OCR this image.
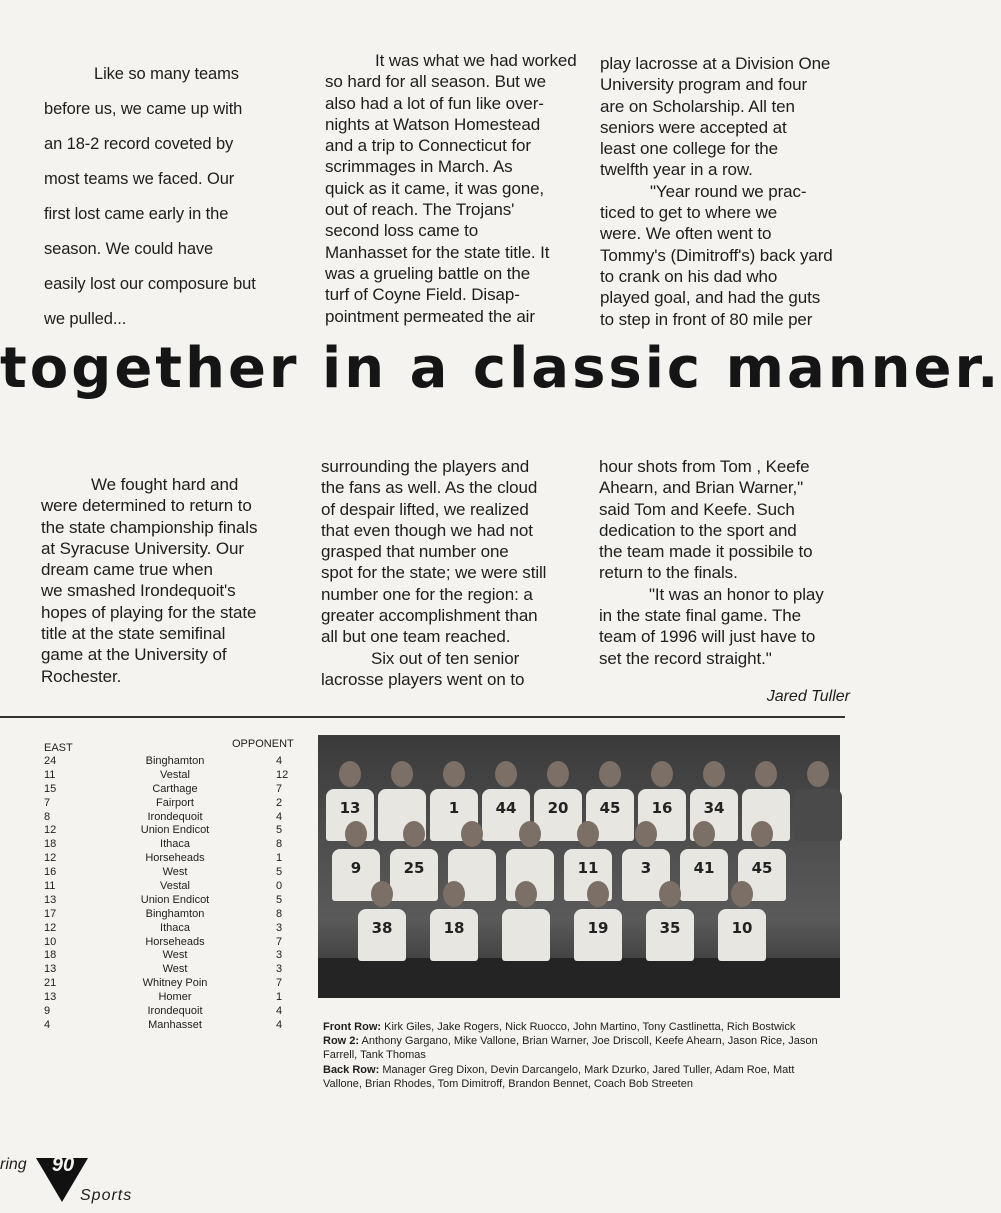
Like so many teams

before us, we came up with

an 18-2 record coveted by

most teams we faced. Our

first lost came early in the

season. We could have

easily lost our composure but

we pulled...

It was what we had worked

so hard for all season. But we

also had a lot of fun like over-

nights at Watson Homestead

and a trip to Connecticut for

scrimmages in March. As

quick as it came, it was gone,

out of reach. The Trojans'

second loss came to

Manhasset for the state title. It

was a grueling battle on the

turf of Coyne Field. Disap-

pointment permeated the air

play lacrosse at a Division One

University program and four

are on Scholarship. All ten

seniors were accepted at

least one college for the

twelfth year in a row.

"Year round we prac-

ticed to get to where we

were. We often went to

Tommy's (Dimitroff's) back yard

to crank on his dad who

played goal, and had the guts

to step in front of 80 mile per

together in a classic manner.

We fought hard and

were determined to return to

the state championship finals

at Syracuse University. Our

dream came true when

we smashed Irondequoit's

hopes of playing for the state

title at the state semifinal

game at the University of

Rochester.

surrounding the players and

the fans as well. As the cloud

of despair lifted, we realized

that even though we had not

grasped that number one

spot for the state; we were still

number one for the region: a

greater accomplishment than

all but one team reached.

Six out of ten senior

lacrosse players went on to

hour shots from Tom , Keefe

Ahearn, and Brian Warner,"

said Tom and Keefe. Such

dedication to the sport and

the team made it possibile to

return to the finals.

"It was an honor to play

in the state final game. The

team of 1996 will just have to

set the record straight."

Jared Tuller
EAST	OPPONENT
24	Binghamton	4
11	Vestal	12
15	Carthage	7
7	Fairport	2
8	Irondequoit	4
12	Union Endicot	5
18	Ithaca	8
12	Horseheads	1
16	West	5
11	Vestal	0
13	Union Endicot	5
17	Binghamton	8
12	Ithaca	3
10	Horseheads	7
18	West	3
13	West	3
21	Whitney Poin	7
13	Homer	1
9	Irondequoit	4
4	Manhasset	4
13	1	44	20	45	16	34
9	25	11	3	41	45
38	18	19	35	10

Front Row: Kirk Giles, Jake Rogers, Nick Ruocco, John Martino, Tony Castlinetta, Rich Bostwick

Row 2: Anthony Gargano, Mike Vallone, Brian Warner, Joe Driscoll, Keefe Ahearn, Jason Rice, Jason Farrell, Tank Thomas

Back Row: Manager Greg Dixon, Devin Darcangelo, Mark Dzurko, Jared Tuller, Adam Roe, Matt Vallone, Brian Rhodes, Tom Dimitroff, Brandon Bennet, Coach Bob Streeten

ring	90
Sports
